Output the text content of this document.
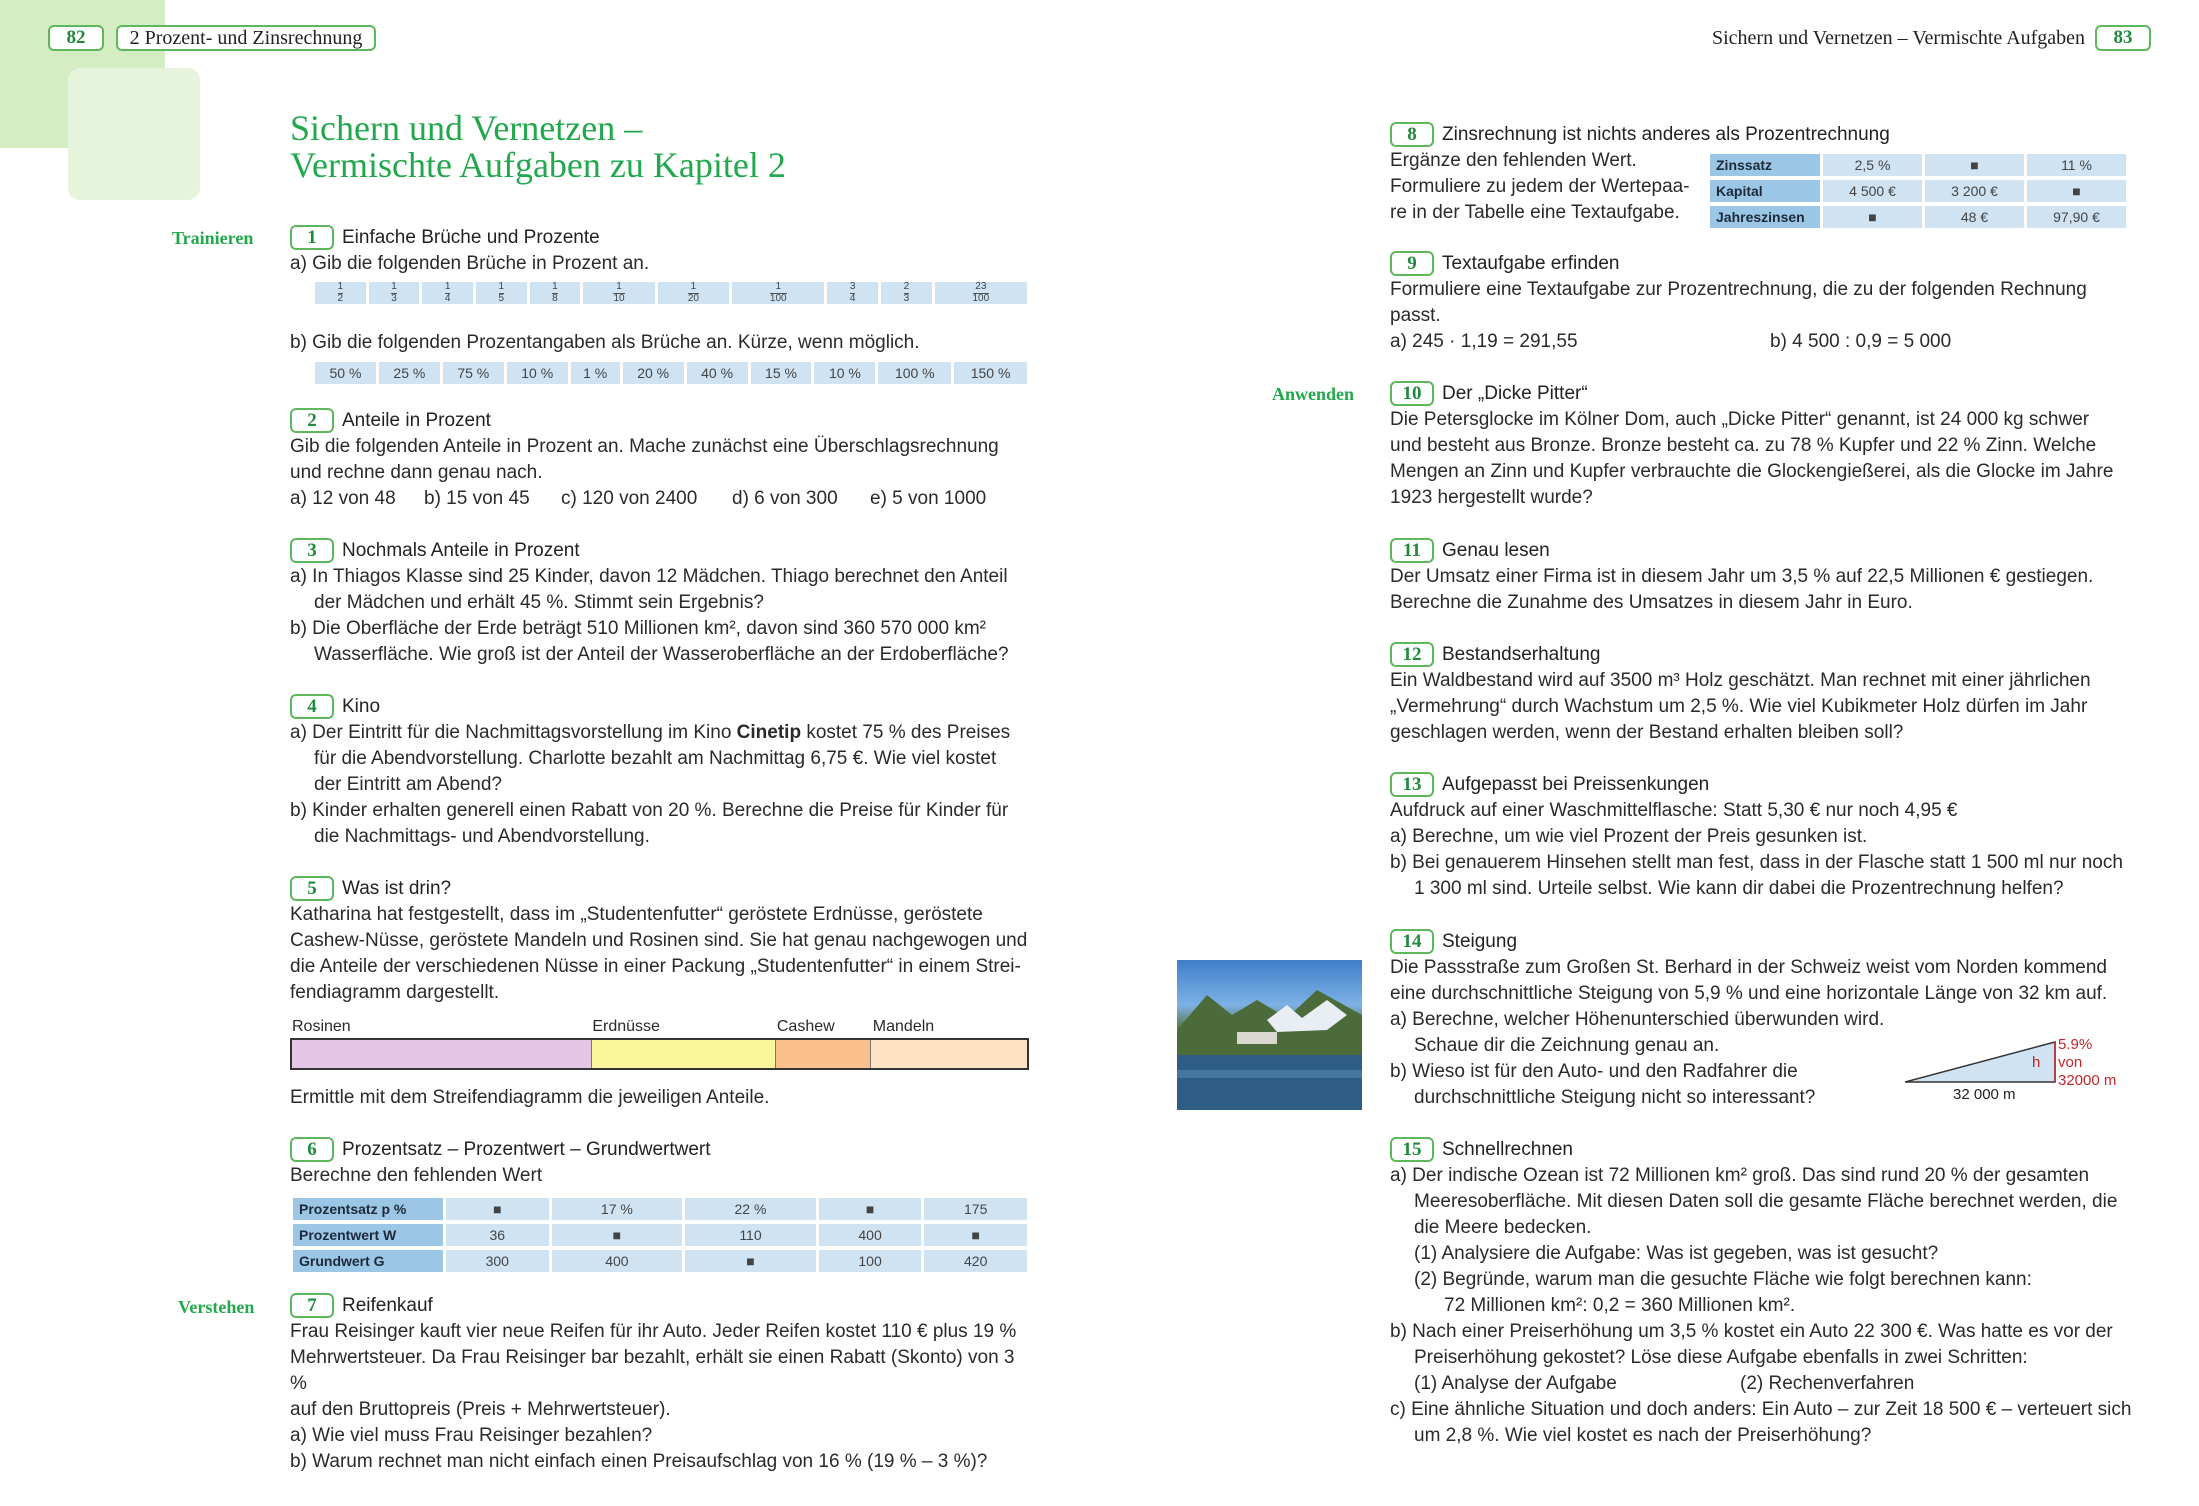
82	2 Prozent- und Zinsrechnung	Sichern und Vernetzen – Vermischte Aufgaben	83
Sichern und Vernetzen –
Vermischte Aufgaben zu Kapitel 2
Trainieren
Verstehen
Anwenden

1 Einfache Brüche und Prozente

a) Gib die folgenden Brüche in Prozent an.

$\frac{1}{2}$	$\frac{1}{3}$	$\frac{1}{4}$	$\frac{1}{5}$	$\frac{1}{8}$	$\frac{1}{10}$	$\frac{1}{20}$	$\frac{1}{100}$	$\frac{3}{4}$	$\frac{2}{3}$	$\frac{23}{100}$

b) Gib die folgenden Prozentangaben als Brüche an. Kürze, wenn möglich.

50 %	25 %	75 %	10 %	1 %	20 %	40 %	15 %	10 %	100 %	150 %

2 Anteile in Prozent

Gib die folgenden Anteile in Prozent an. Mache zunächst eine Überschlagsrechnung

und rechne dann genau nach.

a) 12 von 48 b) 15 von 45 c) 120 von 2400 d) 6 von 300 e) 5 von 1000

3 Nochmals Anteile in Prozent

a) In Thiagos Klasse sind 25 Kinder, davon 12 Mädchen. Thiago berechnet den Anteil

der Mädchen und erhält 45 %. Stimmt sein Ergebnis?

b) Die Oberfläche der Erde beträgt 510 Millionen km², davon sind 360 570 000 km²

Wasserfläche. Wie groß ist der Anteil der Wasseroberfläche an der Erdoberfläche?

4 Kino

a) Der Eintritt für die Nachmittagsvorstellung im Kino Cinetip kostet 75 % des Preises

für die Abendvorstellung. Charlotte bezahlt am Nachmittag 6,75 €. Wie viel kostet

der Eintritt am Abend?

b) Kinder erhalten generell einen Rabatt von 20 %. Berechne die Preise für Kinder für

die Nachmittags- und Abendvorstellung.

5 Was ist drin?

Katharina hat festgestellt, dass im „Studentenfutter“ geröstete Erdnüsse, geröstete

Cashew-Nüsse, geröstete Mandeln und Rosinen sind. Sie hat genau nachgewogen und

die Anteile der verschiedenen Nüsse in einer Packung „Studentenfutter“ in einem Strei-

fendiagramm dargestellt.

Rosinen	Erdnüsse	Cashew Mandeln

Ermittle mit dem Streifendiagramm die jeweiligen Anteile.

6 Prozentsatz – Prozentwert – Grundwertwert

Berechne den fehlenden Wert

Prozentsatz p %	■	17 %	22 %	■	175
Prozentwert W	36	■	110	400	■
Grundwert G	300	400	■	100	420

7 Reifenkauf

Frau Reisinger kauft vier neue Reifen für ihr Auto. Jeder Reifen kostet 110 € plus 19 %

Mehrwertsteuer. Da Frau Reisinger bar bezahlt, erhält sie einen Rabatt (Skonto) von 3 %

auf den Bruttopreis (Preis + Mehrwertsteuer).

a) Wie viel muss Frau Reisinger bezahlen?

b) Warum rechnet man nicht einfach einen Preisaufschlag von 16 % (19 % – 3 %)?

8 Zinsrechnung ist nichts anderes als Prozentrechnung

Ergänze den fehlenden Wert.

Formuliere zu jedem der Wertepaa-

re in der Tabelle eine Textaufgabe.

Zinssatz	2,5 %	■	11 %
Kapital	4 500 €	3 200 €	■
Jahreszinsen	■	48 €	97,90 €

9 Textaufgabe erfinden

Formuliere eine Textaufgabe zur Prozentrechnung, die zu der folgenden Rechnung

passt.

a) 245 · 1,19 = 291,55	b) 4 500 : 0,9 = 5 000

10 Der „Dicke Pitter“

Die Petersglocke im Kölner Dom, auch „Dicke Pitter“ genannt, ist 24 000 kg schwer

und besteht aus Bronze. Bronze besteht ca. zu 78 % Kupfer und 22 % Zinn. Welche

Mengen an Zinn und Kupfer verbrauchte die Glockengießerei, als die Glocke im Jahre

1923 hergestellt wurde?

11 Genau lesen

Der Umsatz einer Firma ist in diesem Jahr um 3,5 % auf 22,5 Millionen € gestiegen.

Berechne die Zunahme des Umsatzes in diesem Jahr in Euro.

12 Bestandserhaltung

Ein Waldbestand wird auf 3500 m³ Holz geschätzt. Man rechnet mit einer jährlichen

„Vermehrung“ durch Wachstum um 2,5 %. Wie viel Kubikmeter Holz dürfen im Jahr

geschlagen werden, wenn der Bestand erhalten bleiben soll?

13 Aufgepasst bei Preissenkungen

Aufdruck auf einer Waschmittelflasche: Statt 5,30 € nur noch 4,95 €

a) Berechne, um wie viel Prozent der Preis gesunken ist.

b) Bei genauerem Hinsehen stellt man fest, dass in der Flasche statt 1 500 ml nur noch

1 300 ml sind. Urteile selbst. Wie kann dir dabei die Prozentrechnung helfen?

14 Steigung

Die Passstraße zum Großen St. Berhard in der Schweiz weist vom Norden kommend

eine durchschnittliche Steigung von 5,9 % und eine horizontale Länge von 32 km auf.

a) Berechne, welcher Höhenunterschied überwunden wird.

Schaue dir die Zeichnung genau an.

b) Wieso ist für den Auto- und den Radfahrer die

durchschnittliche Steigung nicht so interessant?

h
5.9%
von
32000 m
32 000 m

15 Schnellrechnen

a) Der indische Ozean ist 72 Millionen km² groß. Das sind rund 20 % der gesamten

Meeresoberfläche. Mit diesen Daten soll die gesamte Fläche berechnet werden, die

die Meere bedecken.

(1) Analysiere die Aufgabe: Was ist gegeben, was ist gesucht?

(2) Begründe, warum man die gesuchte Fläche wie folgt berechnen kann:

72 Millionen km²: 0,2 = 360 Millionen km².

b) Nach einer Preiserhöhung um 3,5 % kostet ein Auto 22 300 €. Was hatte es vor der

Preiserhöhung gekostet? Löse diese Aufgabe ebenfalls in zwei Schritten:

(1) Analyse der Aufgabe	(2) Rechenverfahren

c) Eine ähnliche Situation und doch anders: Ein Auto – zur Zeit 18 500 € – verteuert sich

um 2,8 %. Wie viel kostet es nach der Preiserhöhung?
